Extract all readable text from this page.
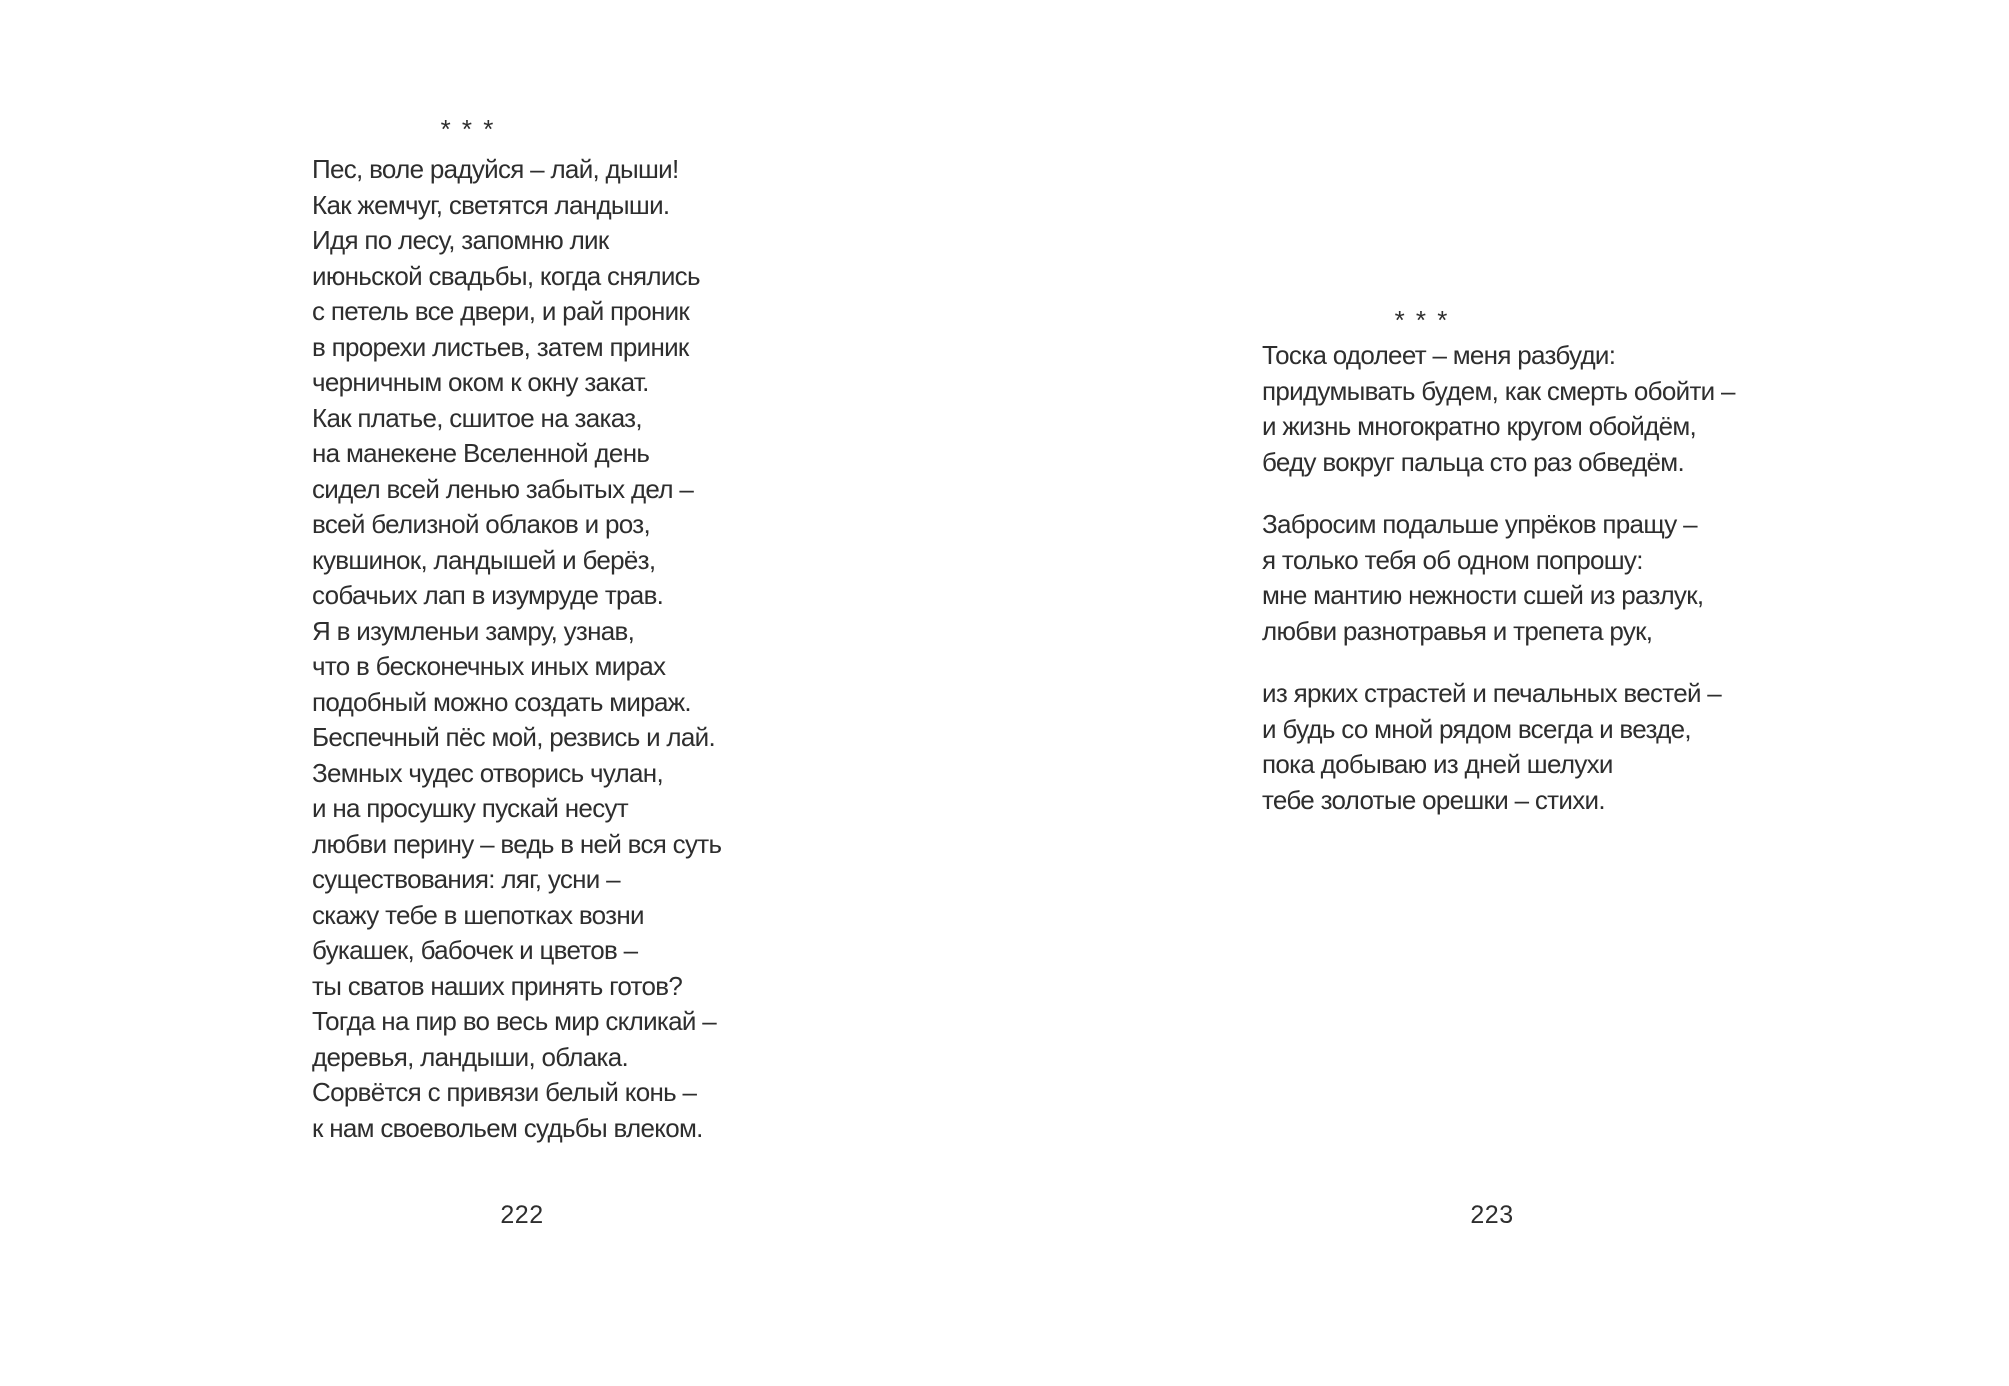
* * *
Пес, воле радуйся – лай, дыши!
Как жемчуг, светятся ландыши.
Идя по лесу, запомню лик
июньской свадьбы, когда снялись
с петель все двери, и рай проник
в прорехи листьев, затем приник
черничным оком к окну закат.
Как платье, сшитое на заказ,
на манекене Вселенной день
сидел всей ленью забытых дел –
всей белизной облаков и роз,
кувшинок, ландышей и берёз,
собачьих лап в изумруде трав.
Я в изумленьи замру, узнав,
что в бесконечных иных мирах
подобный можно создать мираж.
Беспечный пёс мой, резвись и лай.
Земных чудес отворись чулан,
и на просушку пускай несут
любви перину – ведь в ней вся суть
существования: ляг, усни –
скажу тебе в шепотках возни
букашек, бабочек и цветов –
ты сватов наших принять готов?
Тогда на пир во весь мир скликай –
деревья, ландыши, облака.
Сорвётся с привязи белый конь –
к нам своевольем судьбы влеком.
222
* * *
Тоска одолеет – меня разбуди:
придумывать будем, как смерть обойти –
и жизнь многократно кругом обойдём,
беду вокруг пальца сто раз обведём.
Забросим подальше упрёков пращу –
я только тебя об одном попрошу:
мне мантию нежности сшей из разлук,
любви разнотравья и трепета рук,
из ярких страстей и печальных вестей –
и будь со мной рядом всегда и везде,
пока добываю из дней шелухи
тебе золотые орешки – стихи.
223
